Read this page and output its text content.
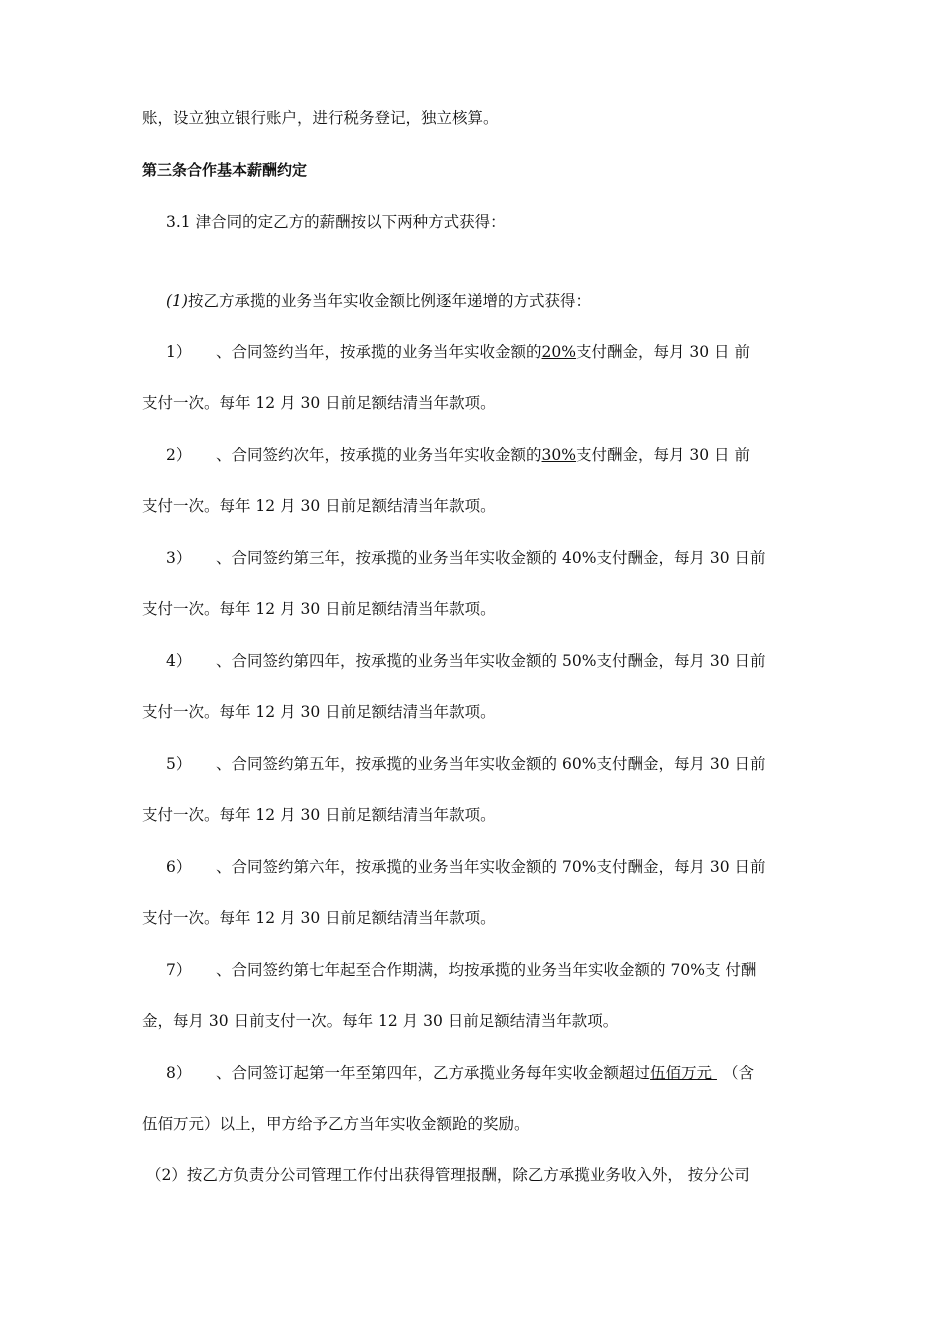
账，设立独立银行账户，进行税务登记，独立核算。
第三条合作基本薪酬约定
3.1 津合同的定乙方的薪酬按以下两种方式获得：
(1)按乙方承揽的业务当年实收金额比例逐年递增的方式获得：
1） 、合同签约当年，按承揽的业务当年实收金额的20%支付酬金，每月 30 日 前
支付一次。每年 12 月 30 日前足额结清当年款项。
2） 、合同签约次年，按承揽的业务当年实收金额的30%支付酬金，每月 30 日 前
支付一次。每年 12 月 30 日前足额结清当年款项。
3） 、合同签约第三年，按承揽的业务当年实收金额的 40%支付酬金，每月 30 日前
支付一次。每年 12 月 30 日前足额结清当年款项。
4） 、合同签约第四年，按承揽的业务当年实收金额的 50%支付酬金，每月 30 日前
支付一次。每年 12 月 30 日前足额结清当年款项。
5） 、合同签约第五年，按承揽的业务当年实收金额的 60%支付酬金，每月 30 日前
支付一次。每年 12 月 30 日前足额结清当年款项。
6） 、合同签约第六年，按承揽的业务当年实收金额的 70%支付酬金，每月 30 日前
支付一次。每年 12 月 30 日前足额结清当年款项。
7） 、合同签约第七年起至合作期满，均按承揽的业务当年实收金额的 70%支 付酬
金，每月 30 日前支付一次。每年 12 月 30 日前足额结清当年款项。
8） 、合同签订起第一年至第四年，乙方承揽业务每年实收金额超过伍佰万元 （含
伍佰万元）以上，甲方给予乙方当年实收金额跄的奖励。
（2）按乙方负责分公司管理工作付出获得管理报酬，除乙方承揽业务收入外， 按分公司
